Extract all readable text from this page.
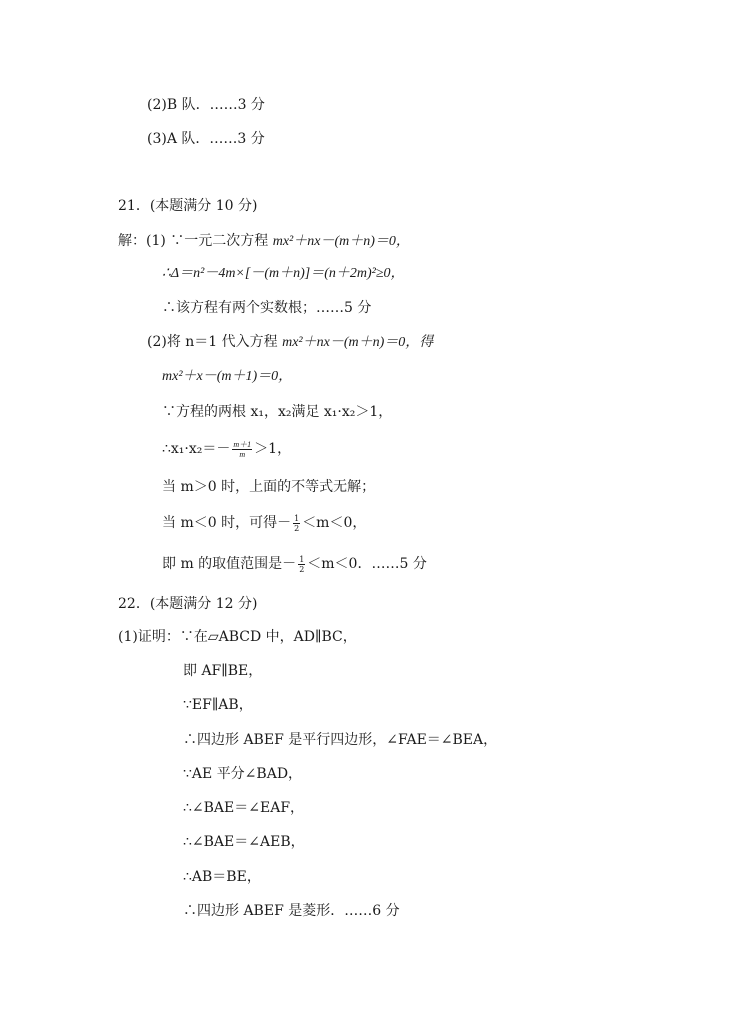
(2)B 队．……3 分
(3)A 队．……3 分
21．(本题满分 10 分)
解：(1) ∵一元二次方程 mx²＋nx－(m＋n)＝0，
∴Δ＝n²－4m×[－(m＋n)]＝(n＋2m)²≥0，
∴该方程有两个实数根；……5 分
(2)将 n＝1 代入方程 mx²＋nx－(m＋n)＝0，得
mx²＋x－(m＋1)＝0，
∵方程的两根 x₁，x₂满足 x₁·x₂＞1，
∴x₁·x₂＝－ $\frac{m+1}{m} >1$，
当 m＞0 时，上面的不等式无解；
当 m＜0 时，可得－ $\frac{1}{2} <m<0$，
即 m 的取值范围是－ $\frac{1}{2} <m<0$．……5 分
22．(本题满分 12 分)
(1)证明：∵在▱ABCD 中，AD∥BC，
即 AF∥BE，
∵EF∥AB，
∴四边形 ABEF 是平行四边形，∠FAE＝∠BEA，
∵AE 平分∠BAD，
∴∠BAE＝∠EAF，
∴∠BAE＝∠AEB，
∴AB＝BE，
∴四边形 ABEF 是菱形．……6 分
